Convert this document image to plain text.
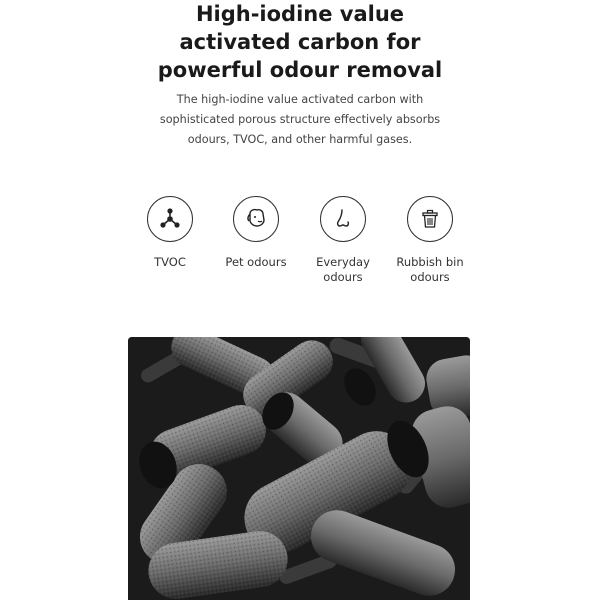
High-iodine value
activated carbon for
powerful odour removal
The high-iodine value activated carbon with
sophisticated porous structure effectively absorbs
odours, TVOC, and other harmful gases.
TVOC	Pet odours	Everyday
odours
Rubbish bin
odours
